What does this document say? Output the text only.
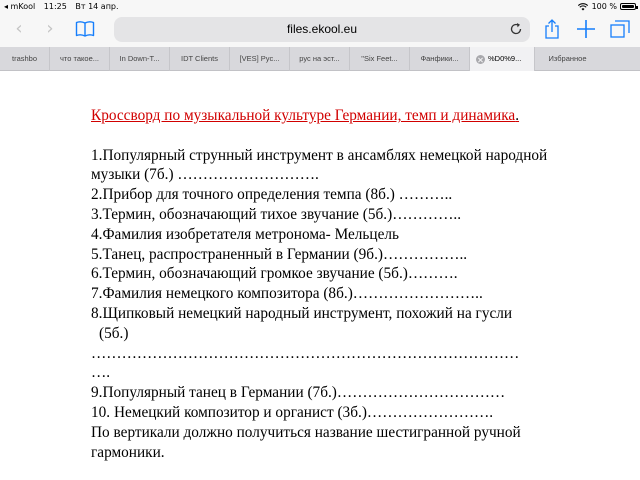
◂ mKool 11:25 Вт 14 апр.	100 %
‹	›	files.ekool.eu
trashbo	что такое...	In Down-T...	IDT Clients	[VES] Рус...	рус на эст...	"Six Feet...	Фанфики...	%D0%9...	Избранное
Кроссворд по музыкальной культуре Германии, темп и динамика.
1.Популярный струнный инструмент в ансамблях немецкой народной музыки (7б.) ……………………….
2.Прибор для точного определения темпа (8б.) ………..
3.Термин, обозначающий тихое звучание (5б.)…………..
4.Фамилия изобретателя метронома- Мельцель
5.Танец, распространенный в Германии (9б.)……………..
6.Термин, обозначающий громкое звучание (5б.)……….
7.Фамилия немецкого композитора (8б.)……………………..
8.Щипковый немецкий народный инструмент, похожий на гусли
(5б.)
…………………………………………………………………………
….
9.Популярный танец в Германии (7б.)……………………………
10. Немецкий композитор и органист (3б.)…………………….
По вертикали должно получиться название шестигранной ручной гармоники.
